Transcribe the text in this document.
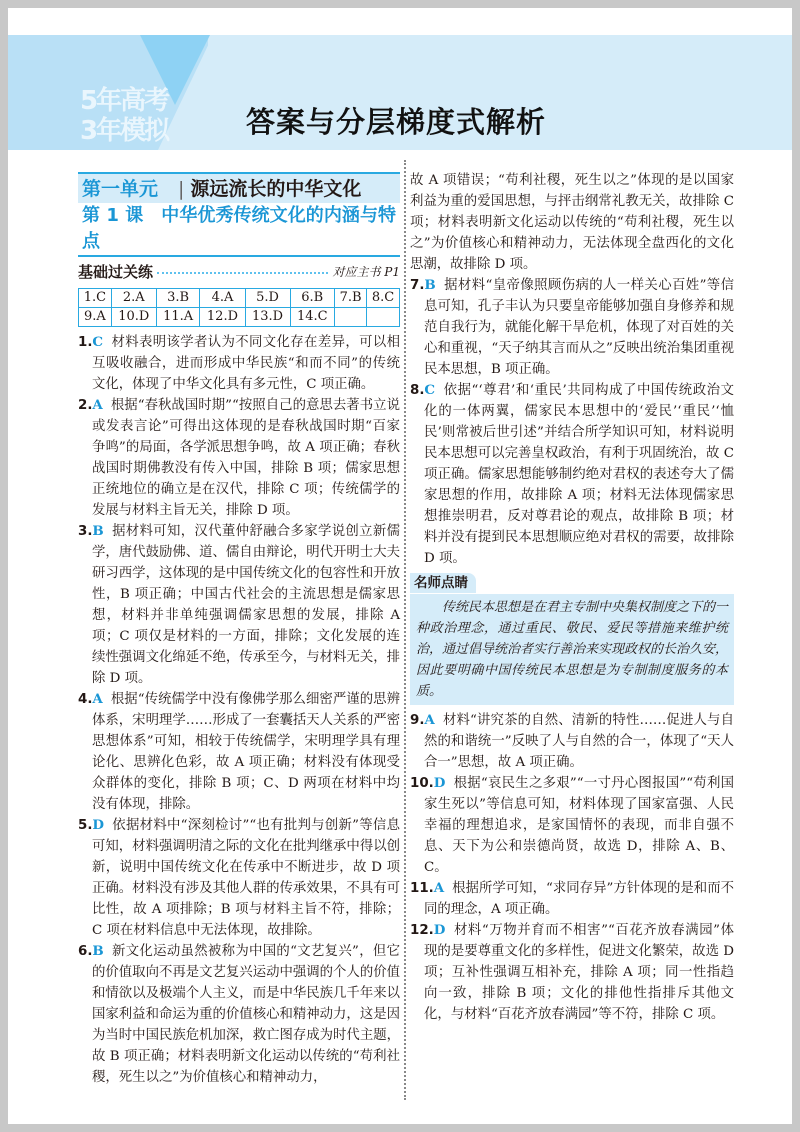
5年高考
3年模拟	答案与分层梯度式解析
第一单元 | 源远流长的中华文化
第 1 课 中华优秀传统文化的内涵与特点
基础过关练	对应主书 P1
1.C	2.A	3.B	4.A	5.D	6.B	7.B	8.C
9.A	10.D	11.A	12.D	13.D	14.C		

1.C 材料表明该学者认为不同文化存在差异，可以相互吸收融合，进而形成中华民族“和而不同”的传统文化，体现了中华文化具有多元性，C 项正确。

2.A 根据“春秋战国时期”“按照自己的意思去著书立说或发表言论”可得出这体现的是春秋战国时期“百家争鸣”的局面，各学派思想争鸣，故 A 项正确；春秋战国时期佛教没有传入中国，排除 B 项；儒家思想正统地位的确立是在汉代，排除 C 项；传统儒学的发展与材料主旨无关，排除 D 项。

3.B 据材料可知，汉代董仲舒融合多家学说创立新儒学，唐代鼓励佛、道、儒自由辩论，明代开明士大夫研习西学，这体现的是中国传统文化的包容性和开放性，B 项正确；中国古代社会的主流思想是儒家思想，材料并非单纯强调儒家思想的发展，排除 A 项；C 项仅是材料的一方面，排除；文化发展的连续性强调文化绵延不绝，传承至今，与材料无关，排除 D 项。

4.A 根据“传统儒学中没有像佛学那么细密严谨的思辨体系，宋明理学……形成了一套囊括天人关系的严密思想体系”可知，相较于传统儒学，宋明理学具有理论化、思辨化色彩，故 A 项正确；材料没有体现受众群体的变化，排除 B 项；C、D 两项在材料中均没有体现，排除。

5.D 依据材料中“深刻检讨”“也有批判与创新”等信息可知，材料强调明清之际的文化在批判继承中得以创新，说明中国传统文化在传承中不断进步，故 D 项正确。材料没有涉及其他人群的传承效果，不具有可比性，故 A 项排除；B 项与材料主旨不符，排除；C 项在材料信息中无法体现，故排除。

6.B 新文化运动虽然被称为中国的“文艺复兴”，但它的价值取向不再是文艺复兴运动中强调的个人的价值和情欲以及极端个人主义，而是中华民族几千年来以国家利益和命运为重的价值核心和精神动力，这是因为当时中国民族危机加深，救亡图存成为时代主题，故 B 项正确；材料表明新文化运动以传统的“苟利社稷，死生以之”为价值核心和精神动力，

故 A 项错误；“苟利社稷，死生以之”体现的是以国家利益为重的爱国思想，与抨击纲常礼教无关，故排除 C 项；材料表明新文化运动以传统的“苟利社稷，死生以之”为价值核心和精神动力，无法体现全盘西化的文化思潮，故排除 D 项。

7.B 据材料“皇帝像照顾伤病的人一样关心百姓”等信息可知，孔子丰认为只要皇帝能够加强自身修养和规范自我行为，就能化解干旱危机，体现了对百姓的关心和重视，“天子纳其言而从之”反映出统治集团重视民本思想，B 项正确。

8.C 依据“‘尊君’和‘重民’共同构成了中国传统政治文化的一体两翼，儒家民本思想中的‘爱民’‘重民’‘恤民’则常被后世引述”并结合所学知识可知，材料说明民本思想可以完善皇权政治，有利于巩固统治，故 C 项正确。儒家思想能够制约绝对君权的表述夸大了儒家思想的作用，故排除 A 项；材料无法体现儒家思想推崇明君，反对尊君论的观点，故排除 B 项；材料并没有提到民本思想顺应绝对君权的需要，故排除 D 项。

名师点睛
传统民本思想是在君主专制中央集权制度之下的一种政治理念，通过重民、敬民、爱民等措施来维护统治，通过倡导统治者实行善治来实现政权的长治久安，因此要明确中国传统民本思想是为专制制度服务的本质。

9.A 材料“讲究茶的自然、清新的特性……促进人与自然的和谐统一”反映了人与自然的合一，体现了“天人合一”思想，故 A 项正确。

10.D 根据“哀民生之多艰”“一寸丹心图报国”“苟利国家生死以”等信息可知，材料体现了国家富强、人民幸福的理想追求，是家国情怀的表现，而非自强不息、天下为公和崇德尚贤，故选 D，排除 A、B、C。

11.A 根据所学可知，“求同存异”方针体现的是和而不同的理念，A 项正确。

12.D 材料“万物并育而不相害”“百花齐放春满园”体现的是要尊重文化的多样性，促进文化繁荣，故选 D 项；互补性强调互相补充，排除 A 项；同一性指趋向一致，排除 B 项；文化的排他性指排斥其他文化，与材料“百花齐放春满园”等不符，排除 C 项。
